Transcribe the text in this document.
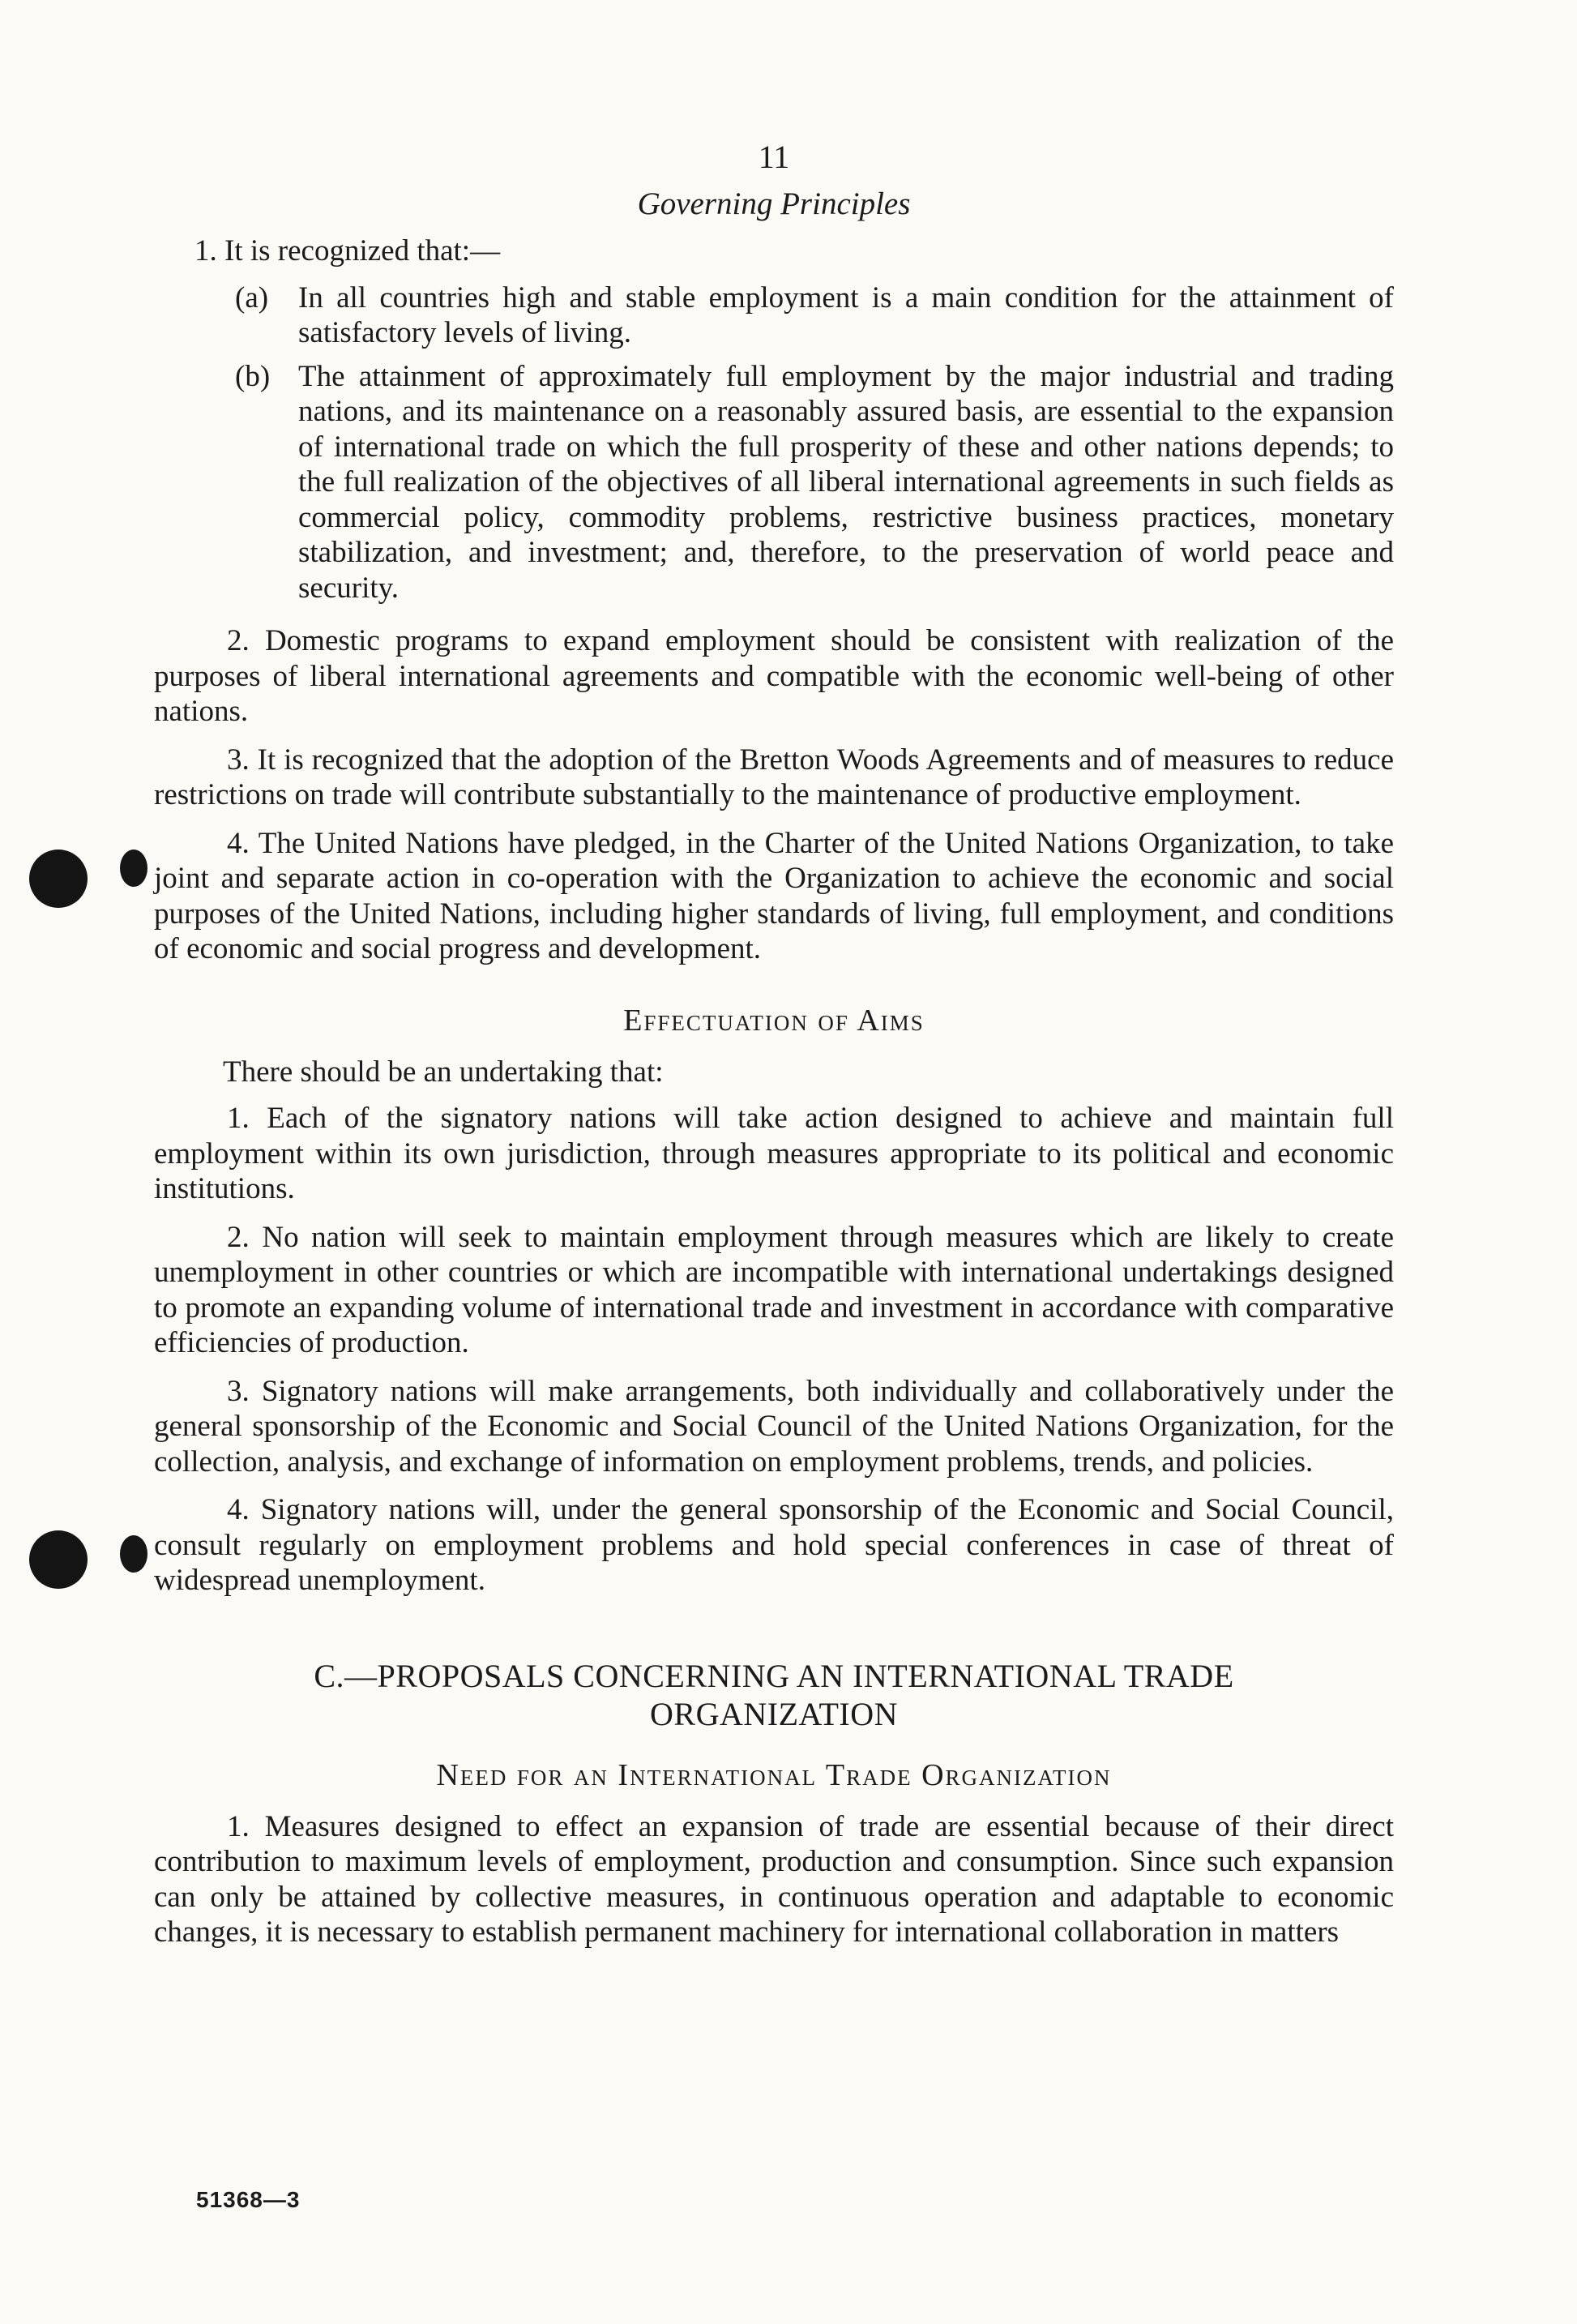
11
Governing Principles

1. It is recognized that:—

(a) In all countries high and stable employment is a main condition for the attainment of satisfactory levels of living.

(b) The attainment of approximately full employment by the major industrial and trading nations, and its maintenance on a reasonably assured basis, are essential to the expansion of international trade on which the full prosperity of these and other nations depends; to the full realization of the objectives of all liberal international agreements in such fields as commercial policy, commodity problems, restrictive business practices, monetary stabilization, and investment; and, therefore, to the preservation of world peace and security.

2. Domestic programs to expand employment should be consistent with realization of the purposes of liberal international agreements and compatible with the economic well-being of other nations.

3. It is recognized that the adoption of the Bretton Woods Agreements and of measures to reduce restrictions on trade will contribute substantially to the maintenance of productive employment.

4. The United Nations have pledged, in the Charter of the United Nations Organization, to take joint and separate action in co-operation with the Organization to achieve the economic and social purposes of the United Nations, including higher standards of living, full employment, and conditions of economic and social progress and development.

Effectuation of Aims

There should be an undertaking that:

1. Each of the signatory nations will take action designed to achieve and maintain full employment within its own jurisdiction, through measures appropriate to its political and economic institutions.

2. No nation will seek to maintain employment through measures which are likely to create unemployment in other countries or which are incompatible with international undertakings designed to promote an expanding volume of international trade and investment in accordance with comparative efficiencies of production.

3. Signatory nations will make arrangements, both individually and collaboratively under the general sponsorship of the Economic and Social Council of the United Nations Organization, for the collection, analysis, and exchange of information on employment problems, trends, and policies.

4. Signatory nations will, under the general sponsorship of the Economic and Social Council, consult regularly on employment problems and hold special conferences in case of threat of widespread unemployment.

C.—PROPOSALS CONCERNING AN INTERNATIONAL TRADE
ORGANIZATION
Need for an International Trade Organization

1. Measures designed to effect an expansion of trade are essential because of their direct contribution to maximum levels of employment, production and consumption. Since such expansion can only be attained by collective measures, in continuous operation and adaptable to economic changes, it is necessary to establish permanent machinery for international collaboration in matters

51368—3
